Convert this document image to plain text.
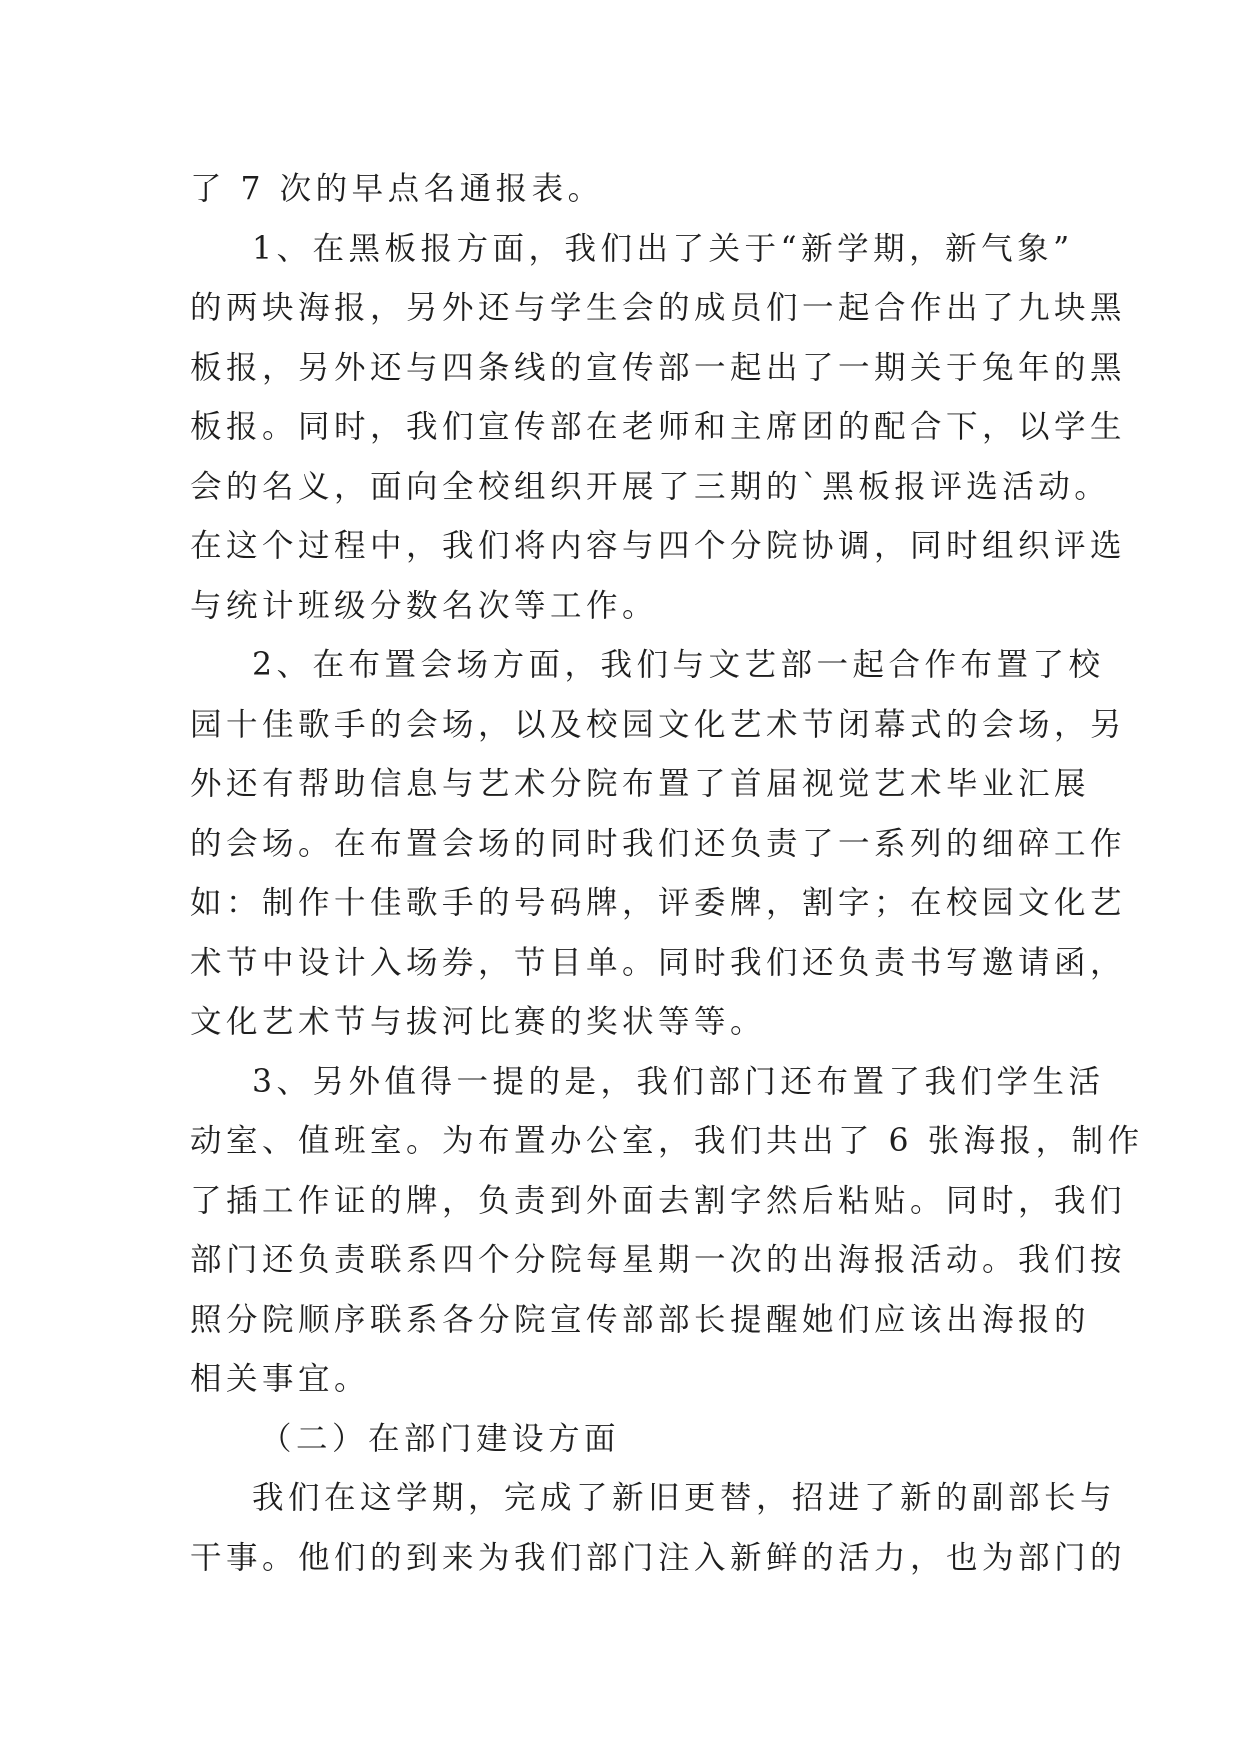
了 7 次的早点名通报表。
1、在黑板报方面，我们出了关于“新学期，新气象”
的两块海报，另外还与学生会的成员们一起合作出了九块黑
板报，另外还与四条线的宣传部一起出了一期关于兔年的黑
板报。同时，我们宣传部在老师和主席团的配合下，以学生
会的名义，面向全校组织开展了三期的`黑板报评选活动。
在这个过程中，我们将内容与四个分院协调，同时组织评选
与统计班级分数名次等工作。
2、在布置会场方面，我们与文艺部一起合作布置了校
园十佳歌手的会场，以及校园文化艺术节闭幕式的会场，另
外还有帮助信息与艺术分院布置了首届视觉艺术毕业汇展
的会场。在布置会场的同时我们还负责了一系列的细碎工作
如：制作十佳歌手的号码牌，评委牌，割字；在校园文化艺
术节中设计入场券，节目单。同时我们还负责书写邀请函，
文化艺术节与拔河比赛的奖状等等。
3、另外值得一提的是，我们部门还布置了我们学生活
动室、值班室。为布置办公室，我们共出了 6 张海报，制作
了插工作证的牌，负责到外面去割字然后粘贴。同时，我们
部门还负责联系四个分院每星期一次的出海报活动。我们按
照分院顺序联系各分院宣传部部长提醒她们应该出海报的
相关事宜。
（二）在部门建设方面
我们在这学期，完成了新旧更替，招进了新的副部长与
干事。他们的到来为我们部门注入新鲜的活力，也为部门的
